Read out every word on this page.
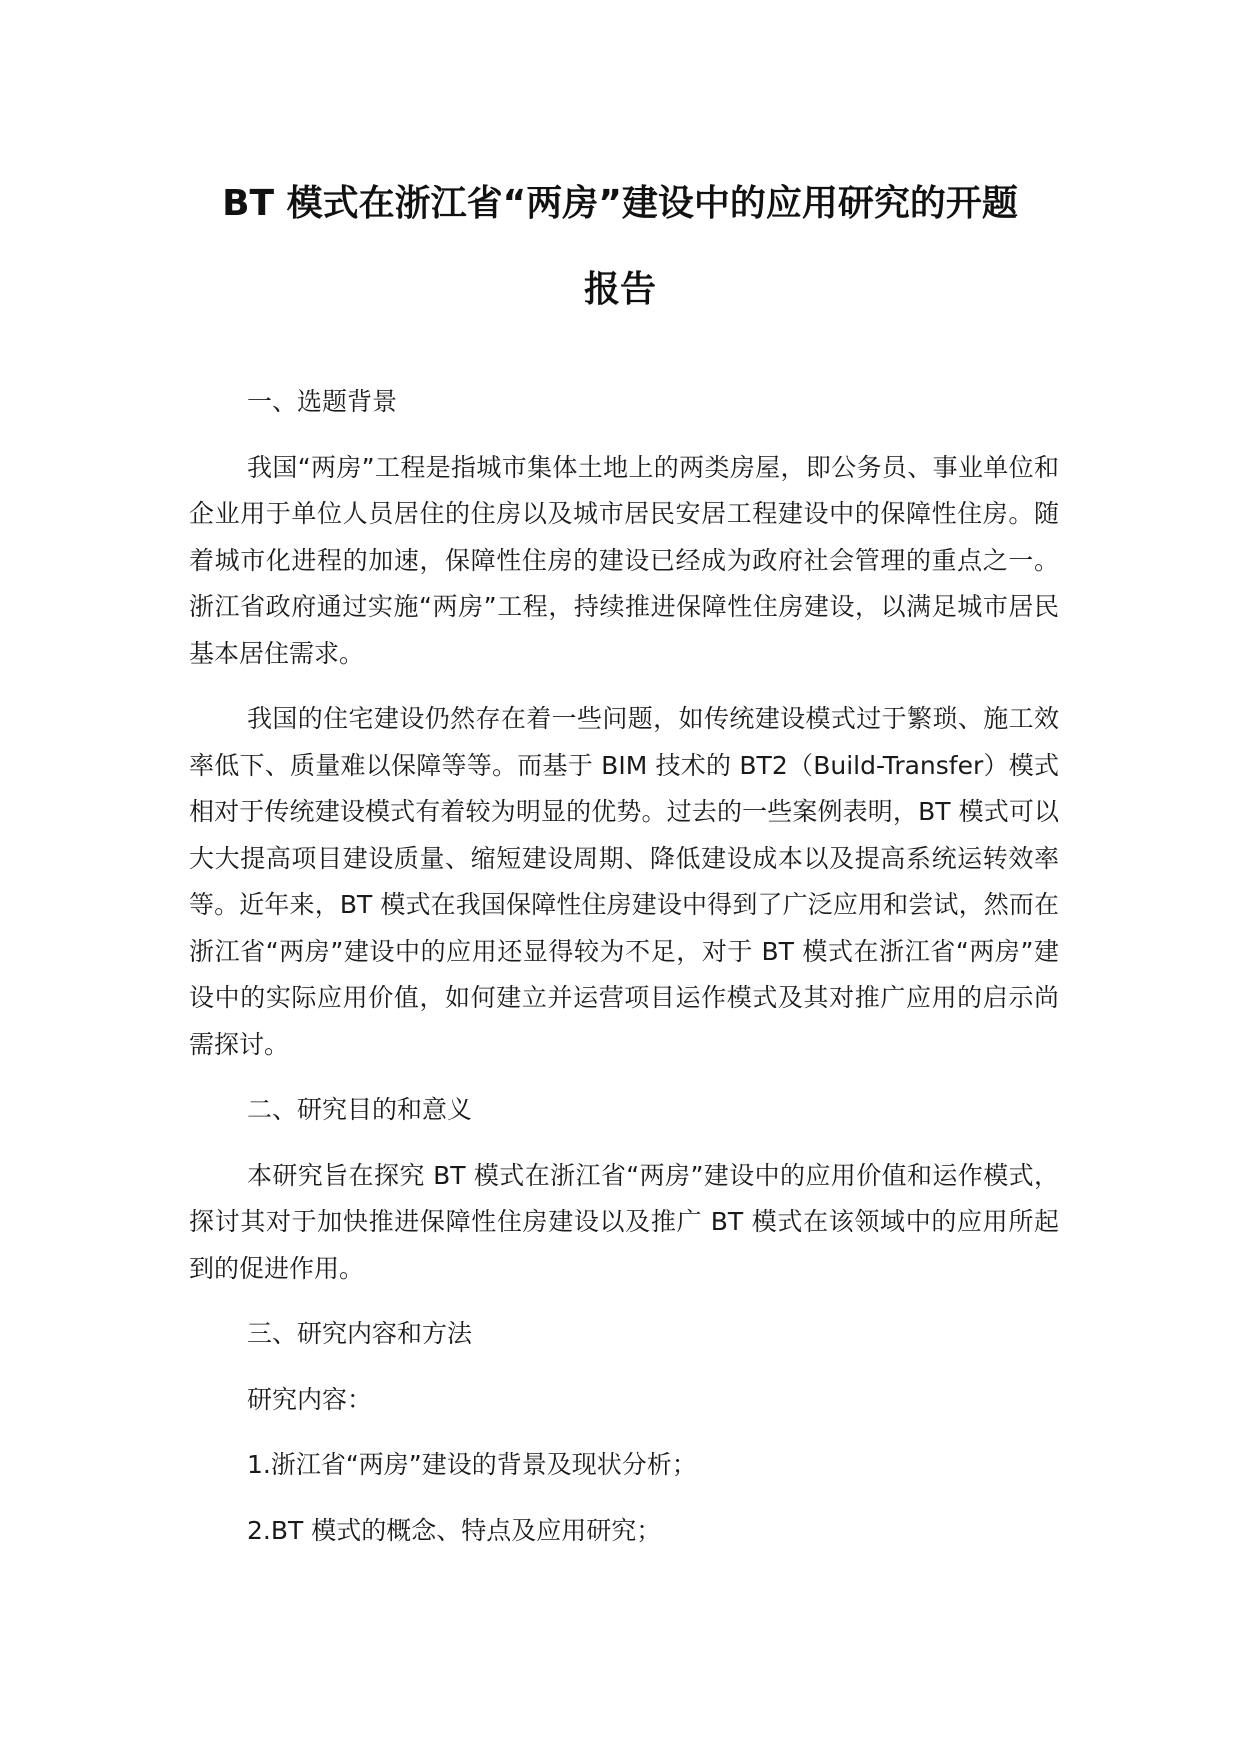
BT 模式在浙江省“两房”建设中的应用研究的开题
报告

一、选题背景

我国“两房”工程是指城市集体土地上的两类房屋，即公务员、事业单位和企业用于单位人员居住的住房以及城市居民安居工程建设中的保障性住房。随着城市化进程的加速，保障性住房的建设已经成为政府社会管理的重点之一。浙江省政府通过实施“两房”工程，持续推进保障性住房建设，以满足城市居民基本居住需求。

我国的住宅建设仍然存在着一些问题，如传统建设模式过于繁琐、施工效率低下、质量难以保障等等。而基于 BIM 技术的 BT2（Build-Transfer）模式相对于传统建设模式有着较为明显的优势。过去的一些案例表明，BT 模式可以大大提高项目建设质量、缩短建设周期、降低建设成本以及提高系统运转效率等。近年来，BT 模式在我国保障性住房建设中得到了广泛应用和尝试，然而在浙江省“两房”建设中的应用还显得较为不足，对于 BT 模式在浙江省“两房”建设中的实际应用价值，如何建立并运营项目运作模式及其对推广应用的启示尚需探讨。

二、研究目的和意义

本研究旨在探究 BT 模式在浙江省“两房”建设中的应用价值和运作模式，探讨其对于加快推进保障性住房建设以及推广 BT 模式在该领域中的应用所起到的促进作用。

三、研究内容和方法

研究内容：

1.浙江省“两房”建设的背景及现状分析；

2.BT 模式的概念、特点及应用研究；
